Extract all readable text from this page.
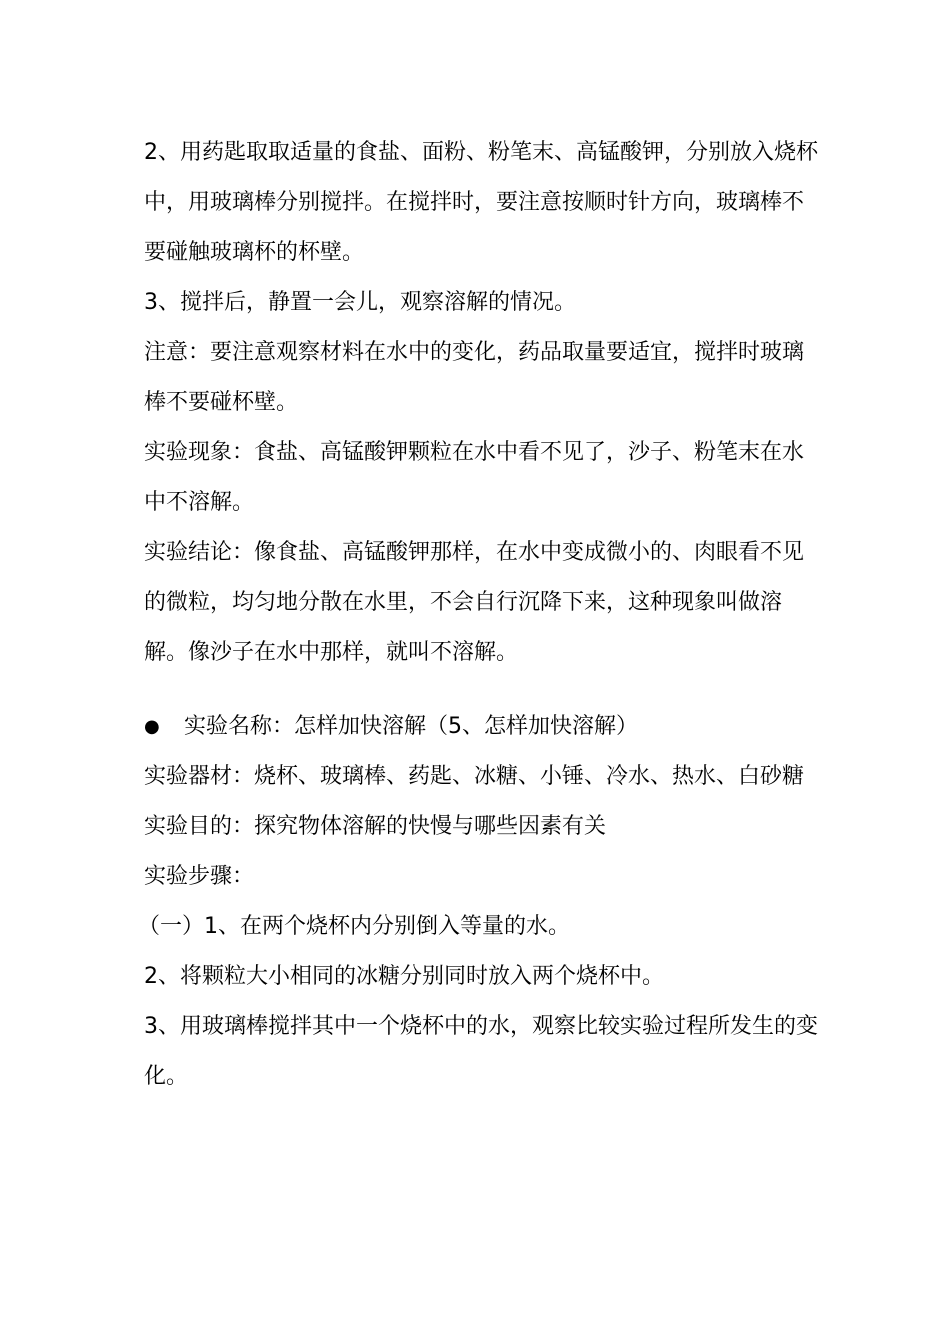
2、用药匙取取适量的食盐、面粉、粉笔末、高锰酸钾，分别放入烧杯中，用玻璃棒分别搅拌。在搅拌时，要注意按顺时针方向，玻璃棒不要碰触玻璃杯的杯壁。

3、搅拌后，静置一会儿，观察溶解的情况。

注意：要注意观察材料在水中的变化，药品取量要适宜，搅拌时玻璃棒不要碰杯壁。

实验现象：食盐、高锰酸钾颗粒在水中看不见了，沙子、粉笔末在水中不溶解。

实验结论：像食盐、高锰酸钾那样，在水中变成微小的、肉眼看不见的微粒，均匀地分散在水里，不会自行沉降下来，这种现象叫做溶解。像沙子在水中那样，就叫不溶解。

●	实验名称：怎样加快溶解（5、怎样加快溶解）

实验器材：烧杯、玻璃棒、药匙、冰糖、小锤、冷水、热水、白砂糖

实验目的：探究物体溶解的快慢与哪些因素有关

实验步骤：

（一）1、在两个烧杯内分别倒入等量的水。

2、将颗粒大小相同的冰糖分别同时放入两个烧杯中。

3、用玻璃棒搅拌其中一个烧杯中的水，观察比较实验过程所发生的变化。
